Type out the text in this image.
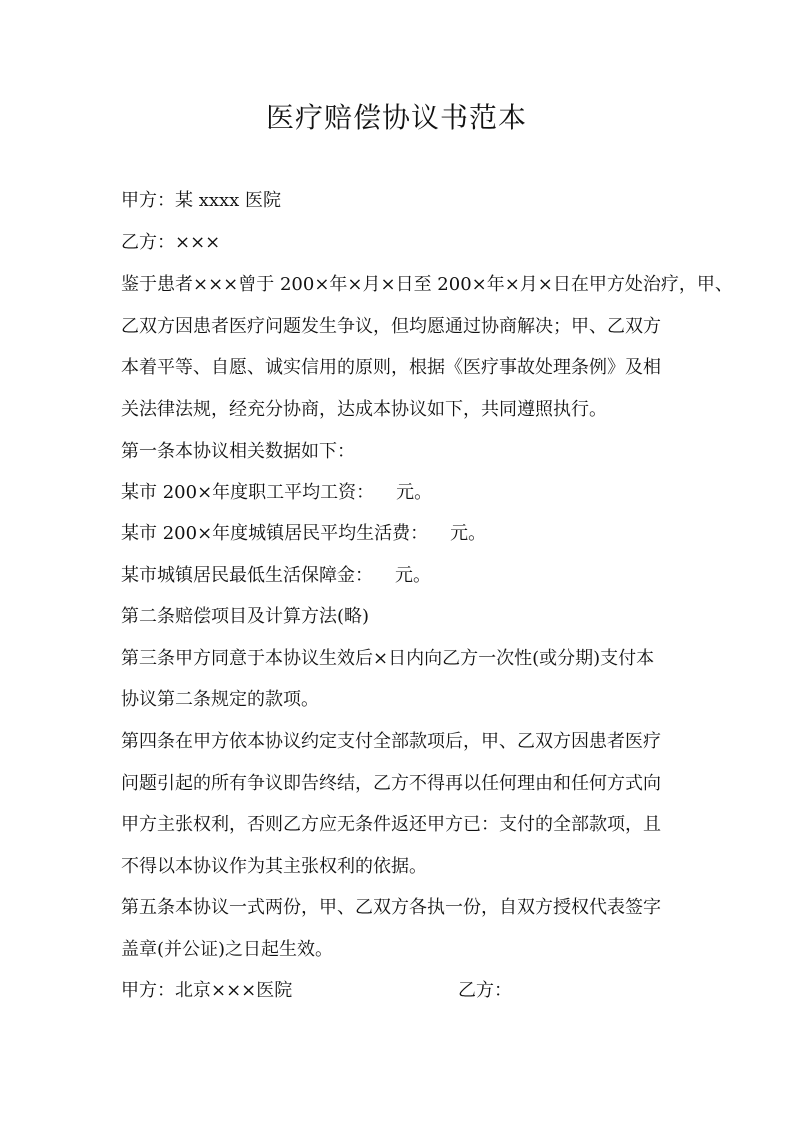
医疗赔偿协议书范本
甲方：某 xxxx 医院
乙方：×××
鉴于患者×××曾于 200×年×月×日至 200×年×月×日在甲方处治疗，甲、
乙双方因患者医疗问题发生争议，但均愿通过协商解决；甲、乙双方
本着平等、自愿、诚实信用的原则，根据《医疗事故处理条例》及相
关法律法规，经充分协商，达成本协议如下，共同遵照执行。
第一条本协议相关数据如下：
某市 200×年度职工平均工资： 元。
某市 200×年度城镇居民平均生活费： 元。
某市城镇居民最低生活保障金： 元。
第二条赔偿项目及计算方法(略)
第三条甲方同意于本协议生效后×日内向乙方一次性(或分期)支付本
协议第二条规定的款项。
第四条在甲方依本协议约定支付全部款项后，甲、乙双方因患者医疗
问题引起的所有争议即告终结，乙方不得再以任何理由和任何方式向
甲方主张权利，否则乙方应无条件返还甲方已：支付的全部款项，且
不得以本协议作为其主张权利的依据。
第五条本协议一式两份，甲、乙双方各执一份，自双方授权代表签字
盖章(并公证)之日起生效。
甲方：北京×××医院	乙方：
